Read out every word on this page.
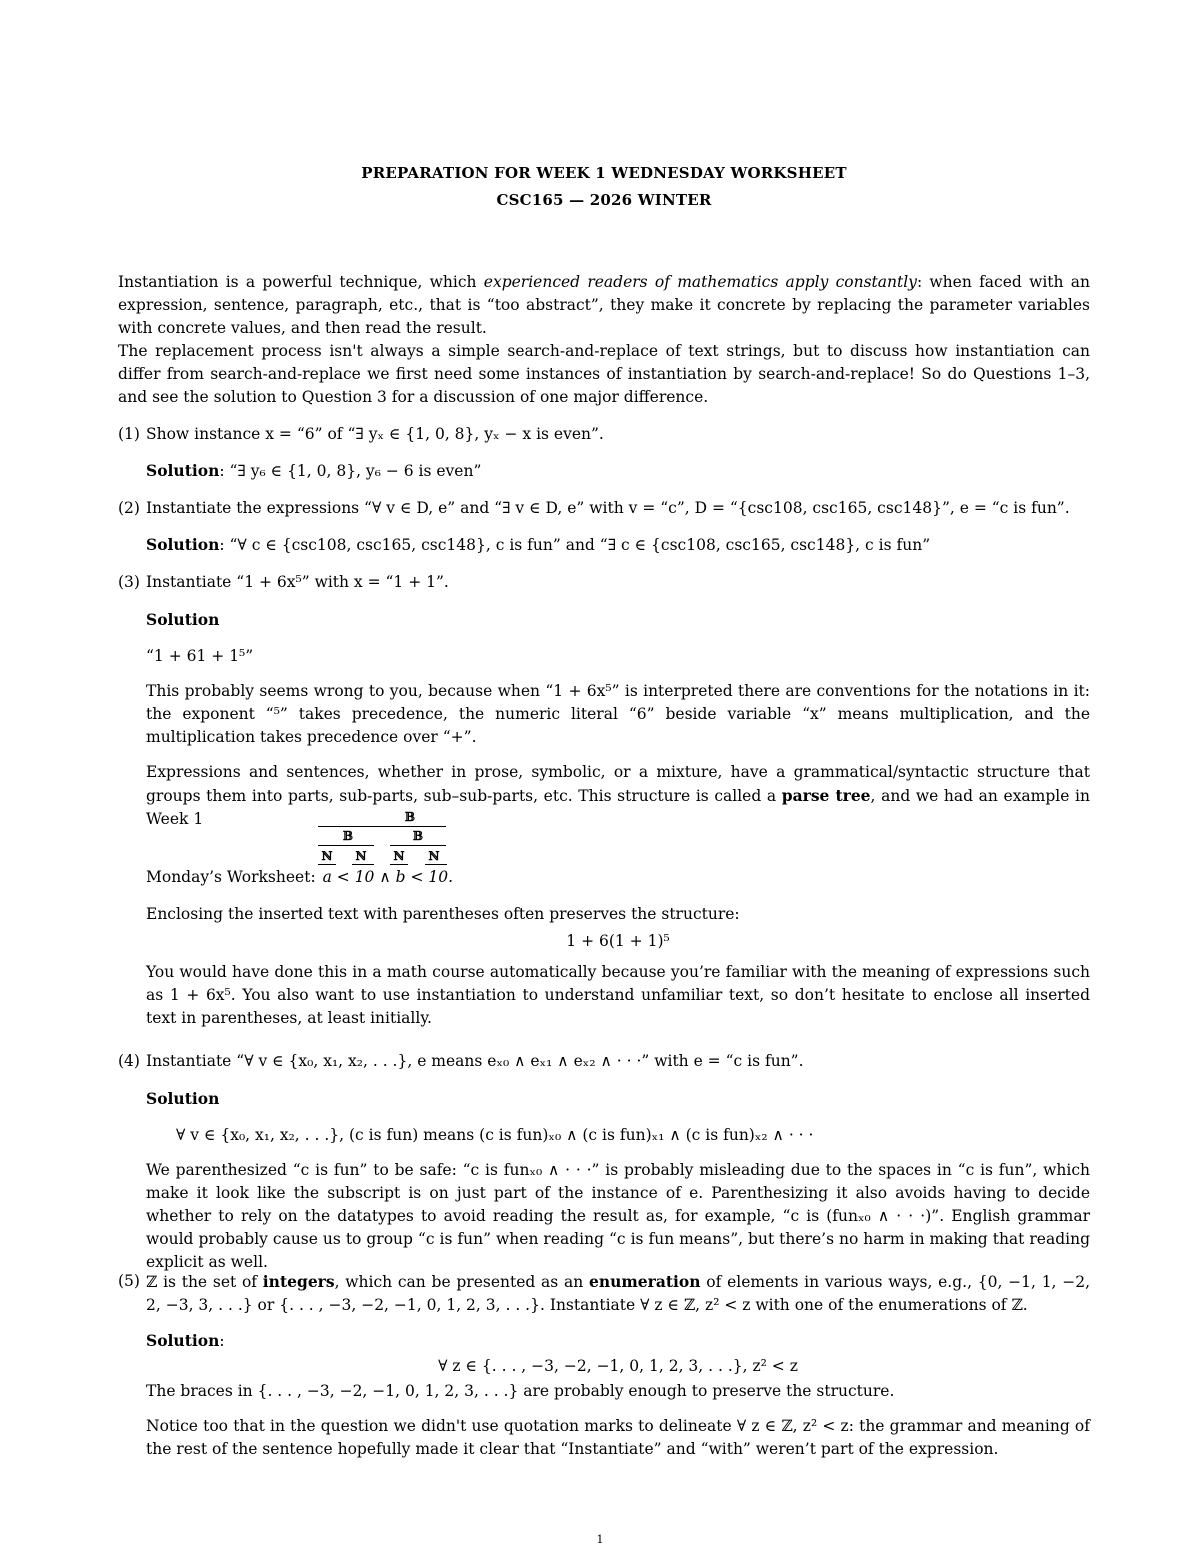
PREPARATION FOR WEEK 1 WEDNESDAY WORKSHEET
CSC165 — 2026 WINTER

Instantiation is a powerful technique, which experienced readers of mathematics apply constantly: when faced with an expression, sentence, paragraph, etc., that is “too abstract”, they make it concrete by replacing the parameter variables with concrete values, and then read the result.

The replacement process isn't always a simple search-and-replace of text strings, but to discuss how instantiation can differ from search-and-replace we first need some instances of instantiation by search-and-replace! So do Questions 1–3, and see the solution to Question 3 for a discussion of one major difference.

(1) Show instance x = “6” of “∃ yₓ ∈ {1, 0, 8}, yₓ − x is even”.

Solution: “∃ y₆ ∈ {1, 0, 8}, y₆ − 6 is even”

(2) Instantiate the expressions “∀ v ∈ D, e” and “∃ v ∈ D, e” with v = “c”, D = “{csc108, csc165, csc148}”, e = “c is fun”.

Solution: “∀ c ∈ {csc108, csc165, csc148}, c is fun” and “∃ c ∈ {csc108, csc165, csc148}, c is fun”

(3) Instantiate “1 + 6x⁵” with x = “1 + 1”.

Solution

“1 + 61 + 1⁵”

This probably seems wrong to you, because when “1 + 6x⁵” is interpreted there are conventions for the notations in it: the exponent “⁵” takes precedence, the numeric literal “6” beside variable “x” means multiplication, and the multiplication takes precedence over “+”.

Expressions and sentences, whether in prose, symbolic, or a mixture, have a grammatical/syntactic structure that groups them into parts, sub-parts, sub–sub-parts, etc. This structure is called a parse tree, and we had an example in Week 1	𝔹
𝔹	𝔹
ℕ ℕ ℕ ℕ
Monday’s Worksheet: a < 10 ∧ b < 10.

Enclosing the inserted text with parentheses often preserves the structure:

1 + 6(1 + 1)⁵

You would have done this in a math course automatically because you’re familiar with the meaning of expressions such as 1 + 6x⁵. You also want to use instantiation to understand unfamiliar text, so don’t hesitate to enclose all inserted text in parentheses, at least initially.

(4) Instantiate “∀ v ∈ {x₀, x₁, x₂, . . .}, e means eₓ₀ ∧ eₓ₁ ∧ eₓ₂ ∧ · · ·” with e = “c is fun”.

Solution

∀ v ∈ {x₀, x₁, x₂, . . .}, (c is fun) means (c is fun)ₓ₀ ∧ (c is fun)ₓ₁ ∧ (c is fun)ₓ₂ ∧ · · ·

We parenthesized “c is fun” to be safe: “c is funₓ₀ ∧ · · ·” is probably misleading due to the spaces in “c is fun”, which make it look like the subscript is on just part of the instance of e. Parenthesizing it also avoids having to decide whether to rely on the datatypes to avoid reading the result as, for example, “c is (funₓ₀ ∧ · · ·)”. English grammar would probably cause us to group “c is fun” when reading “c is fun means”, but there’s no harm in making that reading explicit as well.

(5) ℤ is the set of integers, which can be presented as an enumeration of elements in various ways, e.g., {0, −1, 1, −2, 2, −3, 3, . . .} or {. . . , −3, −2, −1, 0, 1, 2, 3, . . .}. Instantiate ∀ z ∈ ℤ, z² < z with one of the enumerations of ℤ.

Solution:

∀ z ∈ {. . . , −3, −2, −1, 0, 1, 2, 3, . . .}, z² < z

The braces in {. . . , −3, −2, −1, 0, 1, 2, 3, . . .} are probably enough to preserve the structure.

Notice too that in the question we didn't use quotation marks to delineate ∀ z ∈ ℤ, z² < z: the grammar and meaning of the rest of the sentence hopefully made it clear that “Instantiate” and “with” weren’t part of the expression.

1
